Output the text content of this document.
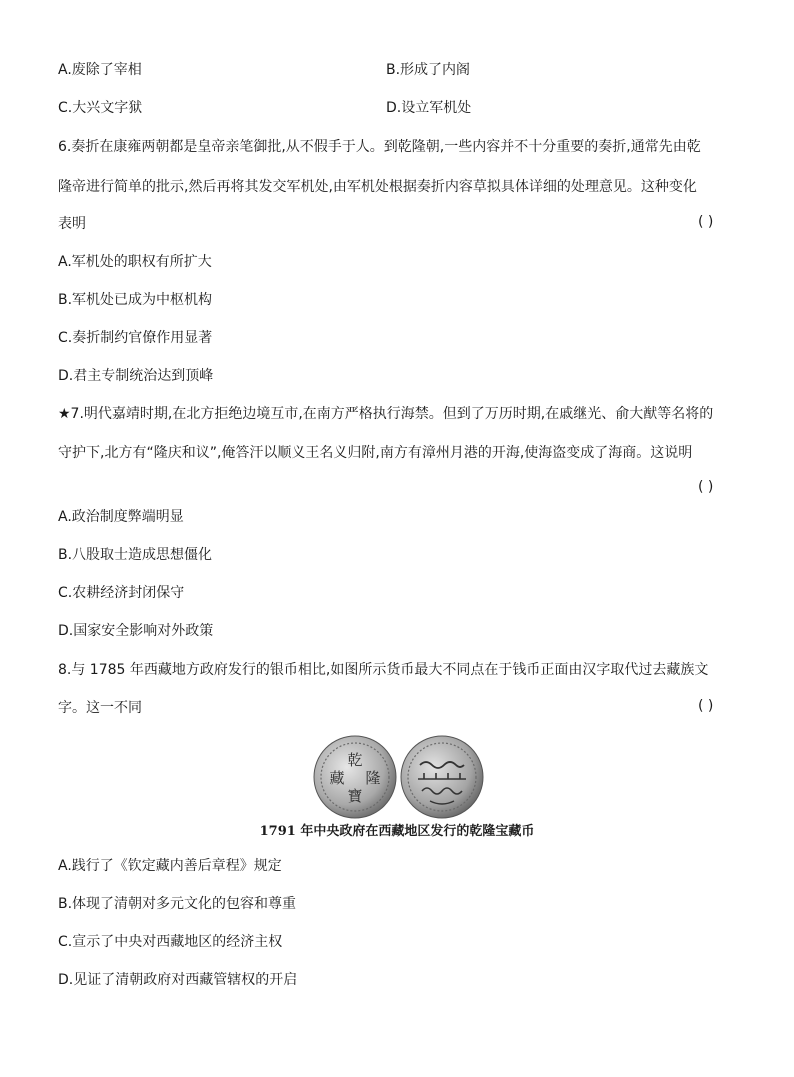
A.废除了宰相	B.形成了内阁
C.大兴文字狱	D.设立军机处
6.奏折在康雍两朝都是皇帝亲笔御批,从不假手于人。到乾隆朝,一些内容并不十分重要的奏折,通常先由乾
隆帝进行简单的批示,然后再将其发交军机处,由军机处根据奏折内容草拟具体详细的处理意见。这种变化
表明	( )
A.军机处的职权有所扩大
B.军机处已成为中枢机构
C.奏折制约官僚作用显著
D.君主专制统治达到顶峰
★7.明代嘉靖时期,在北方拒绝边境互市,在南方严格执行海禁。但到了万历时期,在戚继光、俞大猷等名将的
守护下,北方有“隆庆和议”,俺答汗以顺义王名义归附,南方有漳州月港的开海,使海盗变成了海商。这说明
( )
A.政治制度弊端明显
B.八股取士造成思想僵化
C.农耕经济封闭保守
D.国家安全影响对外政策
8.与 1785 年西藏地方政府发行的银币相比,如图所示货币最大不同点在于钱币正面由汉字取代过去藏族文
字。这一不同	( )
乾
隆
寶
藏
1791 年中央政府在西藏地区发行的乾隆宝藏币
A.践行了《钦定藏内善后章程》规定
B.体现了清朝对多元文化的包容和尊重
C.宣示了中央对西藏地区的经济主权
D.见证了清朝政府对西藏管辖权的开启
